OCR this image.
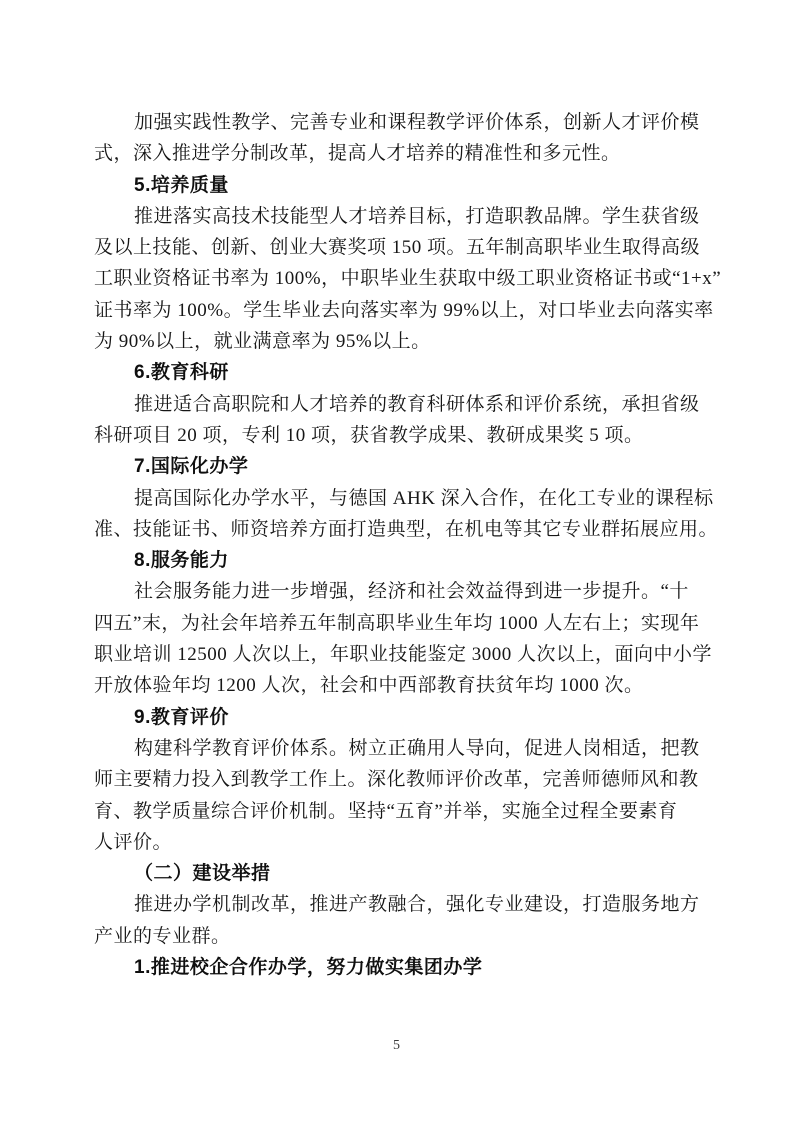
加强实践性教学、完善专业和课程教学评价体系，创新人才评价模
式，深入推进学分制改革，提高人才培养的精准性和多元性。
5.培养质量
推进落实高技术技能型人才培养目标，打造职教品牌。学生获省级
及以上技能、创新、创业大赛奖项 150 项。五年制高职毕业生取得高级
工职业资格证书率为 100%，中职毕业生获取中级工职业资格证书或“1+x”
证书率为 100%。学生毕业去向落实率为 99%以上，对口毕业去向落实率
为 90%以上，就业满意率为 95%以上。
6.教育科研
推进适合高职院和人才培养的教育科研体系和评价系统，承担省级
科研项目 20 项，专利 10 项，获省教学成果、教研成果奖 5 项。
7.国际化办学
提高国际化办学水平，与德国 AHK 深入合作，在化工专业的课程标
准、技能证书、师资培养方面打造典型，在机电等其它专业群拓展应用。
8.服务能力
社会服务能力进一步增强，经济和社会效益得到进一步提升。“十
四五”末，为社会年培养五年制高职毕业生年均 1000 人左右上；实现年
职业培训 12500 人次以上，年职业技能鉴定 3000 人次以上，面向中小学
开放体验年均 1200 人次，社会和中西部教育扶贫年均 1000 次。
9.教育评价
构建科学教育评价体系。树立正确用人导向，促进人岗相适，把教
师主要精力投入到教学工作上。深化教师评价改革，完善师德师风和教
育、教学质量综合评价机制。坚持“五育”并举，实施全过程全要素育
人评价。
（二）建设举措
推进办学机制改革，推进产教融合，强化专业建设，打造服务地方
产业的专业群。
1.推进校企合作办学，努力做实集团办学
5
